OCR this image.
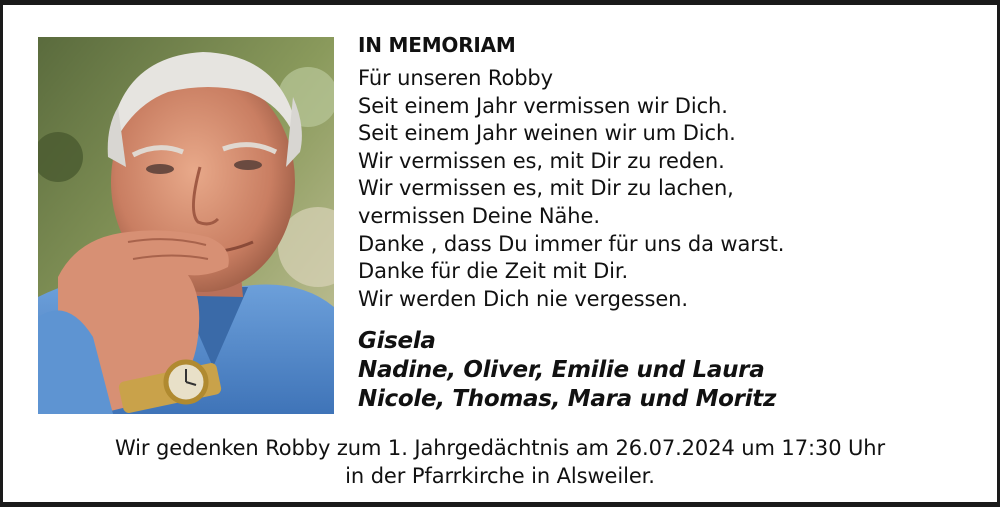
IN MEMORIAM
Für unseren Robby
Seit einem Jahr vermissen wir Dich.
Seit einem Jahr weinen wir um Dich.
Wir vermissen es, mit Dir zu reden.
Wir vermissen es, mit Dir zu lachen,
vermissen Deine Nähe.
Danke , dass Du immer für uns da warst.
Danke für die Zeit mit Dir.
Wir werden Dich nie vergessen.
Gisela
Nadine, Oliver, Emilie und Laura
Nicole, Thomas, Mara und Moritz
Wir gedenken Robby zum 1. Jahrgedächtnis am 26.07.2024 um 17:30 Uhr
in der Pfarrkirche in Alsweiler.
